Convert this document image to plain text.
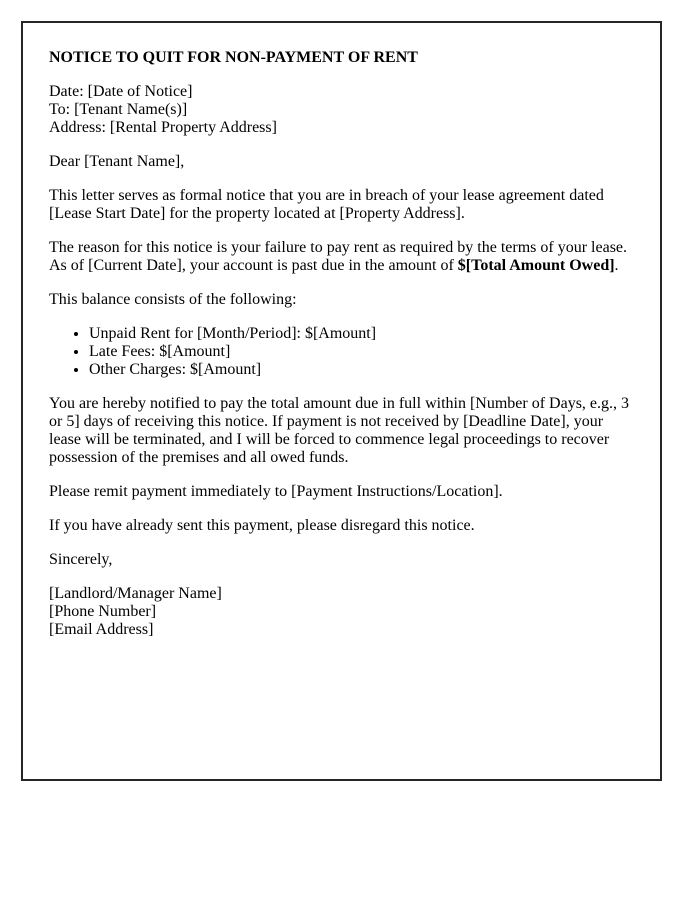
NOTICE TO QUIT FOR NON-PAYMENT OF RENT

Date: [Date of Notice]
To: [Tenant Name(s)]
Address: [Rental Property Address]

Dear [Tenant Name],

This letter serves as formal notice that you are in breach of your lease agreement dated [Lease Start Date] for the property located at [Property Address].

The reason for this notice is your failure to pay rent as required by the terms of your lease. As of [Current Date], your account is past due in the amount of $[Total Amount Owed].

This balance consists of the following:

• Unpaid Rent for [Month/Period]: $[Amount]
• Late Fees: $[Amount]
• Other Charges: $[Amount]

You are hereby notified to pay the total amount due in full within [Number of Days, e.g., 3 or 5] days of receiving this notice. If payment is not received by [Deadline Date], your lease will be terminated, and I will be forced to commence legal proceedings to recover possession of the premises and all owed funds.

Please remit payment immediately to [Payment Instructions/Location].

If you have already sent this payment, please disregard this notice.

Sincerely,

[Landlord/Manager Name]
[Phone Number]
[Email Address]
